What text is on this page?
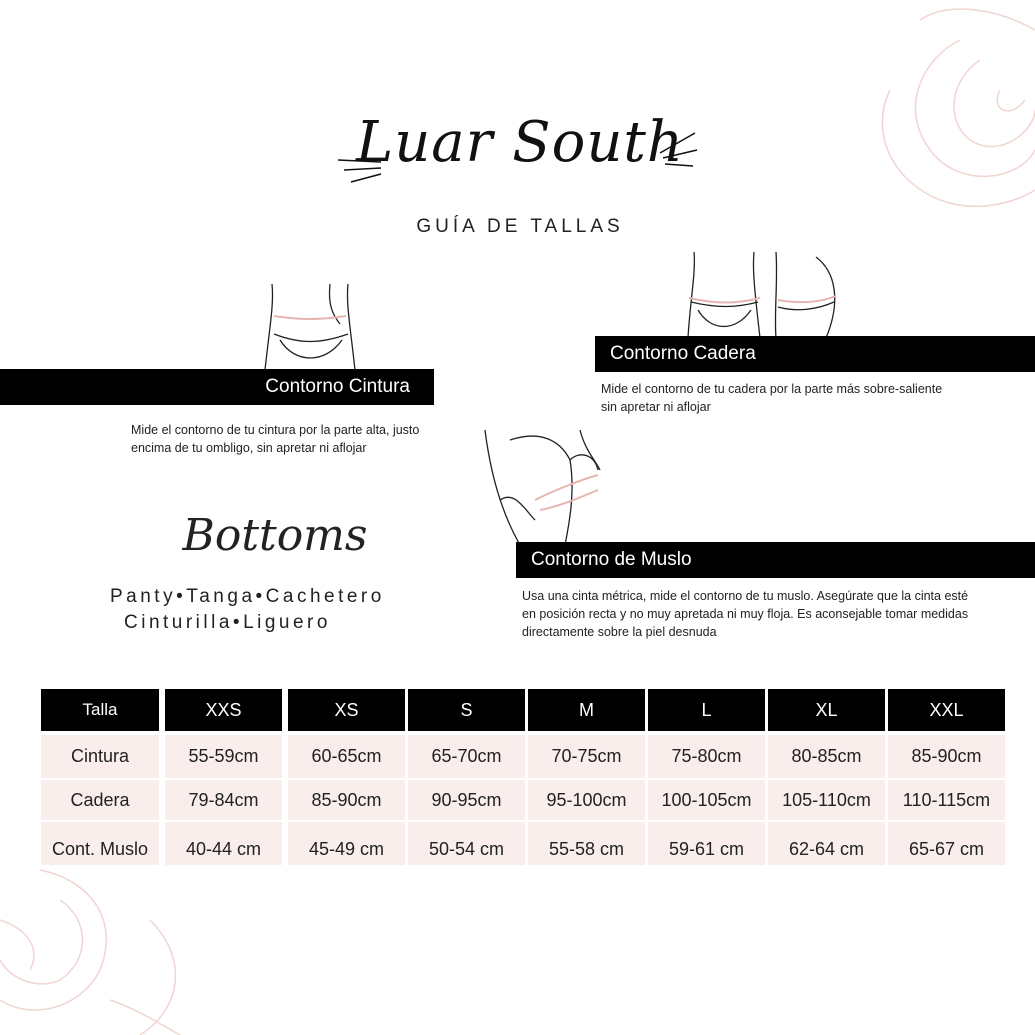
Luar South
GUÍA DE TALLAS
Contorno Cintura
Mide el contorno de tu cintura por la parte alta, justo encima de tu ombligo, sin apretar ni aflojar
Contorno Cadera
Mide el contorno de tu cadera por la parte más sobre-saliente sin apretar ni aflojar
Contorno de Muslo
Usa una cinta métrica, mide el contorno de tu muslo. Asegúrate que la cinta esté en posición recta y no muy apretada ni muy floja. Es aconsejable tomar medidas directamente sobre la piel desnuda
Bottoms
Panty•Tanga•Cachetero
Cinturilla•Liguero
Talla	XXS	XS	S	M	L	XL	XXL
Cintura	55-59cm	60-65cm	65-70cm	70-75cm	75-80cm	80-85cm	85-90cm
Cadera	79-84cm	85-90cm	90-95cm	95-100cm	100-105cm	105-110cm	110-115cm
Cont. Muslo	40-44 cm	45-49 cm	50-54 cm	55-58 cm	59-61 cm	62-64 cm	65-67 cm
